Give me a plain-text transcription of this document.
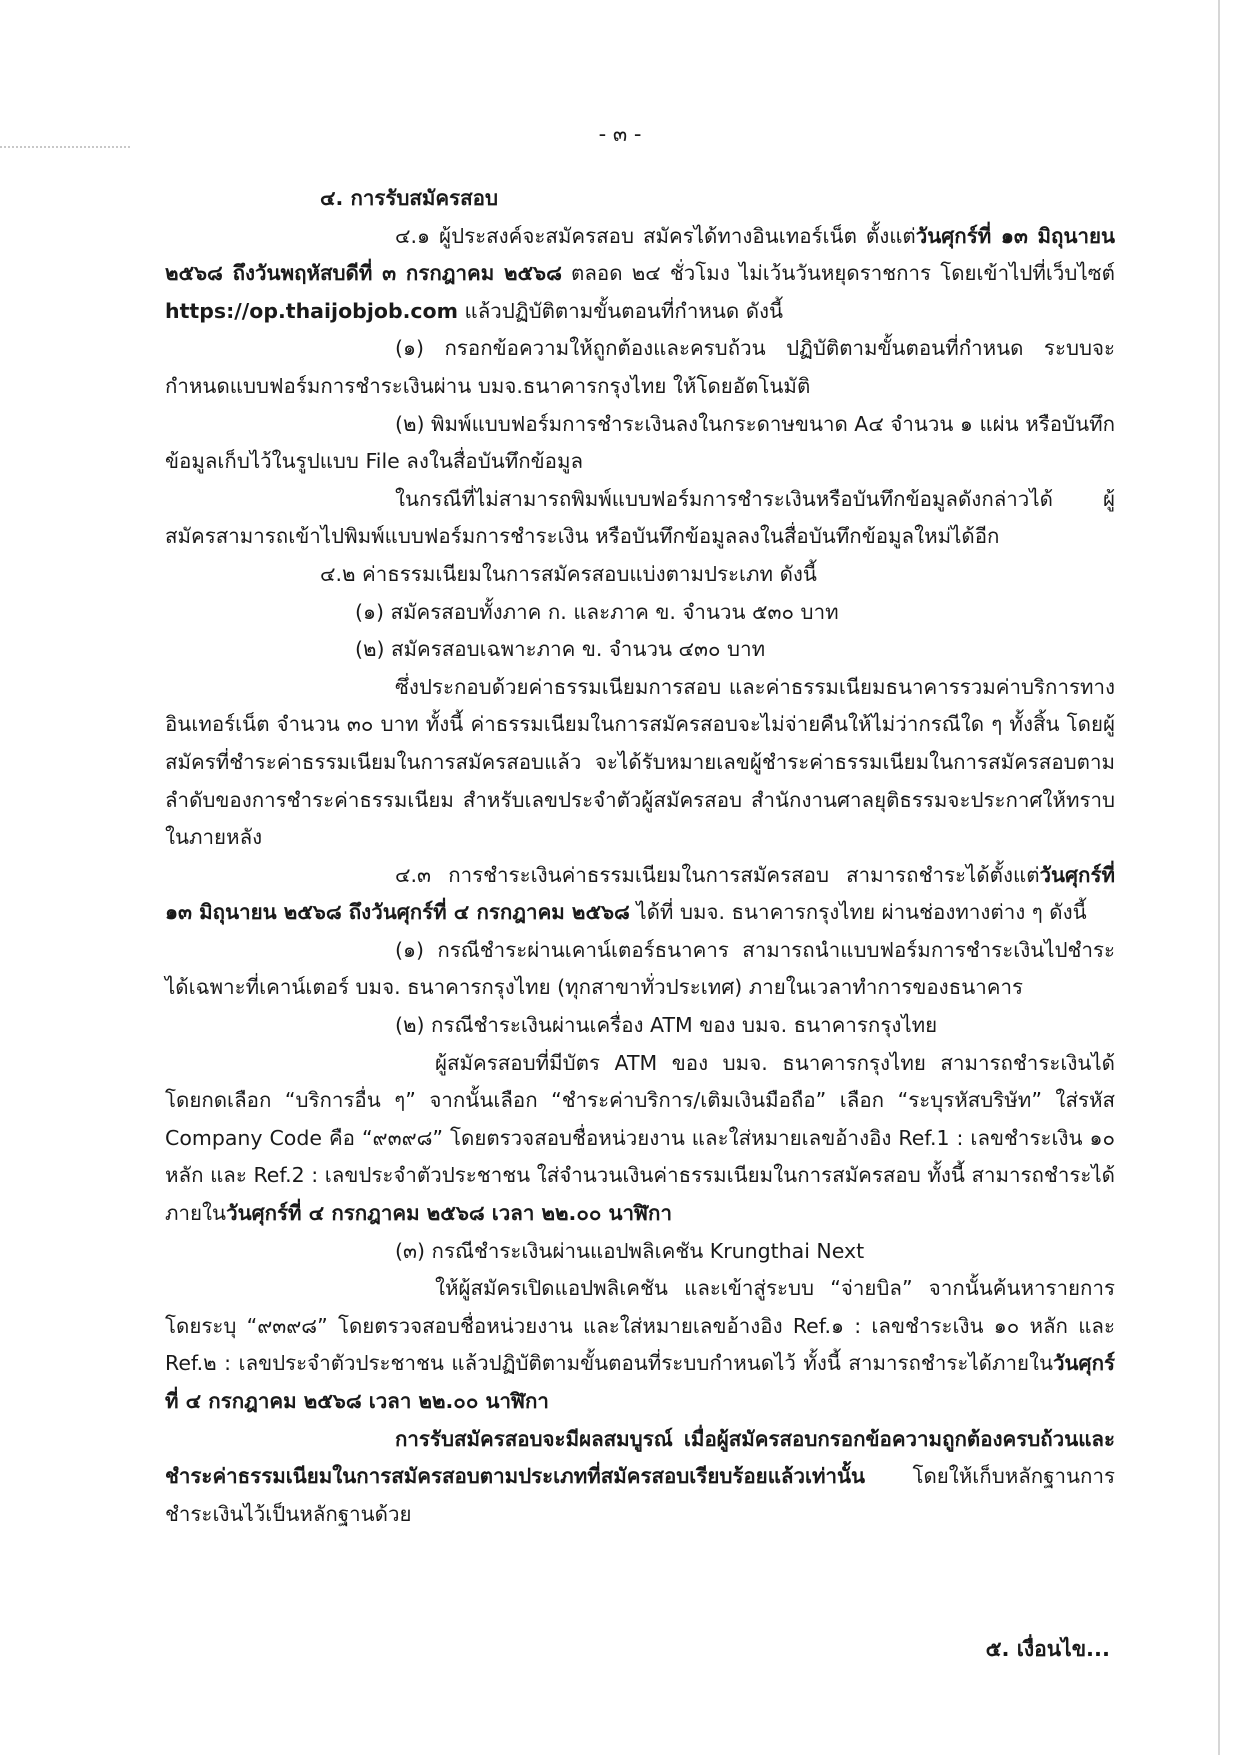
- ๓ -

๔. การรับสมัครสอบ

๔.๑ ผู้ประสงค์จะสมัครสอบ สมัครได้ทางอินเทอร์เน็ต ตั้งแต่วันศุกร์ที่ ๑๓ มิถุนายน ๒๕๖๘ ถึงวันพฤหัสบดีที่ ๓ กรกฎาคม ๒๕๖๘ ตลอด ๒๔ ชั่วโมง ไม่เว้นวันหยุดราชการ โดยเข้าไปที่เว็บไซต์ https://op.thaijobjob.com แล้วปฏิบัติตามขั้นตอนที่กำหนด ดังนี้

(๑) กรอกข้อความให้ถูกต้องและครบถ้วน ปฏิบัติตามขั้นตอนที่กำหนด ระบบจะกำหนดแบบฟอร์มการชำระเงินผ่าน บมจ.ธนาคารกรุงไทย ให้โดยอัตโนมัติ

(๒) พิมพ์แบบฟอร์มการชำระเงินลงในกระดาษขนาด A๔ จำนวน ๑ แผ่น หรือบันทึกข้อมูลเก็บไว้ในรูปแบบ File ลงในสื่อบันทึกข้อมูล

ในกรณีที่ไม่สามารถพิมพ์แบบฟอร์มการชำระเงินหรือบันทึกข้อมูลดังกล่าวได้ ผู้สมัครสามารถเข้าไปพิมพ์แบบฟอร์มการชำระเงิน หรือบันทึกข้อมูลลงในสื่อบันทึกข้อมูลใหม่ได้อีก

๔.๒ ค่าธรรมเนียมในการสมัครสอบแบ่งตามประเภท ดังนี้

(๑) สมัครสอบทั้งภาค ก. และภาค ข. จำนวน ๕๓๐ บาท

(๒) สมัครสอบเฉพาะภาค ข. จำนวน ๔๓๐ บาท

ซึ่งประกอบด้วยค่าธรรมเนียมการสอบ และค่าธรรมเนียมธนาคารรวมค่าบริการทางอินเทอร์เน็ต จำนวน ๓๐ บาท ทั้งนี้ ค่าธรรมเนียมในการสมัครสอบจะไม่จ่ายคืนให้ไม่ว่ากรณีใด ๆ ทั้งสิ้น โดยผู้สมัครที่ชำระค่าธรรมเนียมในการสมัครสอบแล้ว จะได้รับหมายเลขผู้ชำระค่าธรรมเนียมในการสมัครสอบตามลำดับของการชำระค่าธรรมเนียม สำหรับเลขประจำตัวผู้สมัครสอบ สำนักงานศาลยุติธรรมจะประกาศให้ทราบในภายหลัง

๔.๓ การชำระเงินค่าธรรมเนียมในการสมัครสอบ สามารถชำระได้ตั้งแต่วันศุกร์ที่ ๑๓ มิถุนายน ๒๕๖๘ ถึงวันศุกร์ที่ ๔ กรกฎาคม ๒๕๖๘ ได้ที่ บมจ. ธนาคารกรุงไทย ผ่านช่องทางต่าง ๆ ดังนี้

(๑) กรณีชำระผ่านเคาน์เตอร์ธนาคาร สามารถนำแบบฟอร์มการชำระเงินไปชำระได้เฉพาะที่เคาน์เตอร์ บมจ. ธนาคารกรุงไทย (ทุกสาขาทั่วประเทศ) ภายในเวลาทำการของธนาคาร

(๒) กรณีชำระเงินผ่านเครื่อง ATM ของ บมจ. ธนาคารกรุงไทย

ผู้สมัครสอบที่มีบัตร ATM ของ บมจ. ธนาคารกรุงไทย สามารถชำระเงินได้ โดยกดเลือก “บริการอื่น ๆ” จากนั้นเลือก “ชำระค่าบริการ/เติมเงินมือถือ” เลือก “ระบุรหัสบริษัท” ใส่รหัส Company Code คือ “๙๓๙๘” โดยตรวจสอบชื่อหน่วยงาน และใส่หมายเลขอ้างอิง Ref.1 : เลขชำระเงิน ๑๐ หลัก และ Ref.2 : เลขประจำตัวประชาชน ใส่จำนวนเงินค่าธรรมเนียมในการสมัครสอบ ทั้งนี้ สามารถชำระได้ภายในวันศุกร์ที่ ๔ กรกฎาคม ๒๕๖๘ เวลา ๒๒.๐๐ นาฬิกา

(๓) กรณีชำระเงินผ่านแอปพลิเคชัน Krungthai Next

ให้ผู้สมัครเปิดแอปพลิเคชัน และเข้าสู่ระบบ “จ่ายบิล” จากนั้นค้นหารายการ โดยระบุ “๙๓๙๘” โดยตรวจสอบชื่อหน่วยงาน และใส่หมายเลขอ้างอิง Ref.๑ : เลขชำระเงิน ๑๐ หลัก และ Ref.๒ : เลขประจำตัวประชาชน แล้วปฏิบัติตามขั้นตอนที่ระบบกำหนดไว้ ทั้งนี้ สามารถชำระได้ภายในวันศุกร์ที่ ๔ กรกฎาคม ๒๕๖๘ เวลา ๒๒.๐๐ นาฬิกา

การรับสมัครสอบจะมีผลสมบูรณ์ เมื่อผู้สมัครสอบกรอกข้อความถูกต้องครบถ้วนและชำระค่าธรรมเนียมในการสมัครสอบตามประเภทที่สมัครสอบเรียบร้อยแล้วเท่านั้น โดยให้เก็บหลักฐานการชำระเงินไว้เป็นหลักฐานด้วย

๕. เงื่อนไข...
